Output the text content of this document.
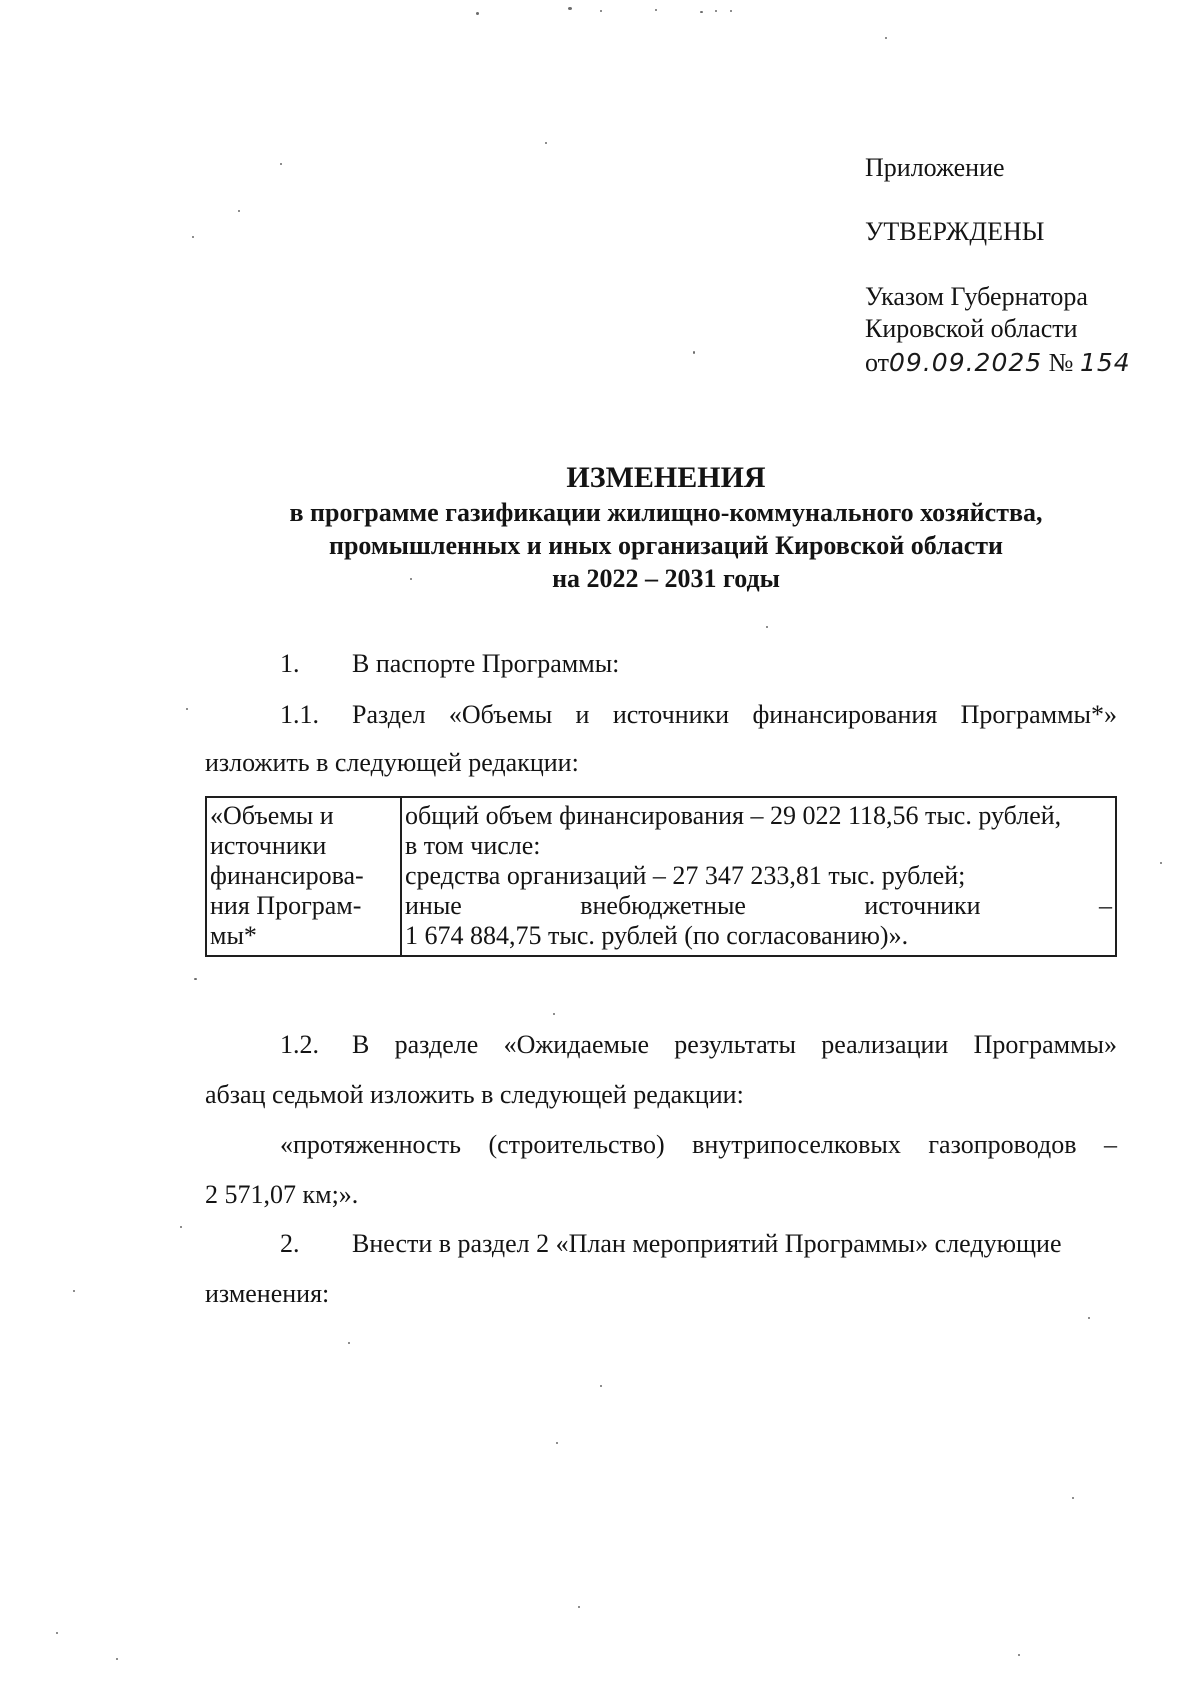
Приложение
УТВЕРЖДЕНЫ
Указом Губернатора
Кировской области
от09.09.2025 № 154
ИЗМЕНЕНИЯ
в программе газификации жилищно-коммунального хозяйства,
промышленных и иных организаций Кировской области
на 2022 – 2031 годы
1. В паспорте Программы:
1.1. Раздел «Объемы и источники финансирования Программы*»
изложить в следующей редакции:
«Объемы и
источники
финансирова-
ния Програм-
мы*

общий объем финансирования – 29 022 118,56 тыс. рублей,
в том числе:
средства организаций – 27 347 233,81 тыс. рублей;
иные	внебюджетные	источники	–
1 674 884,75 тыс. рублей (по согласованию)».
1.2. В разделе «Ожидаемые результаты реализации Программы»
абзац седьмой изложить в следующей редакции:
«протяженность (строительство) внутрипоселковых газопроводов –
2 571,07 км;».
2. Внести в раздел 2 «План мероприятий Программы» следующие
изменения:
